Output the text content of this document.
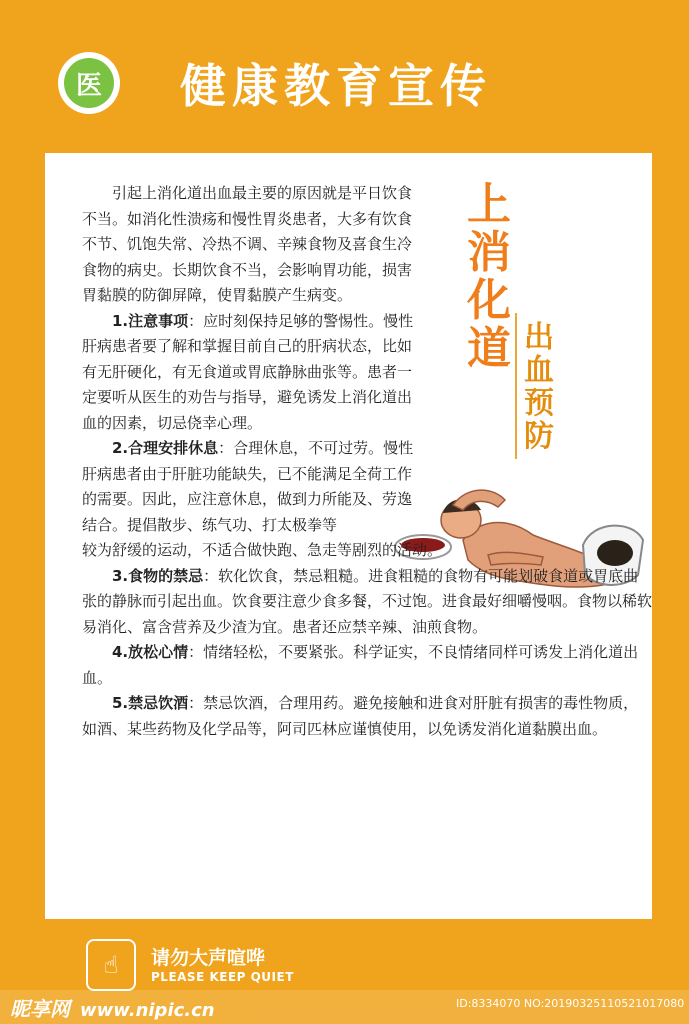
医 健康教育宣传
上
消
化
道 出
血
预
防

引起上消化道出血最主要的原因就是平日饮食不当。如消化性溃疡和慢性胃炎患者，大多有饮食不节、饥饱失常、冷热不调、辛辣食物及喜食生冷食物的病史。长期饮食不当，会影响胃功能，损害胃黏膜的防御屏障，使胃黏膜产生病变。

1.注意事项：应时刻保持足够的警惕性。慢性肝病患者要了解和掌握目前自己的肝病状态，比如有无肝硬化，有无食道或胃底静脉曲张等。患者一定要听从医生的劝告与指导，避免诱发上消化道出血的因素，切忌侥幸心理。

2.合理安排休息：合理休息，不可过劳。慢性肝病患者由于肝脏功能缺失，已不能满足全荷工作的需要。因此，应注意休息，做到力所能及、劳逸结合。提倡散步、练气功、打太极拳等

较为舒缓的运动，不适合做快跑、急走等剧烈的活动。

3.食物的禁忌：软化饮食，禁忌粗糙。进食粗糙的食物有可能划破食道或胃底曲张的静脉而引起出血。饮食要注意少食多餐，不过饱。进食最好细嚼慢咽。食物以稀软易消化、富含营养及少渣为宜。患者还应禁辛辣、油煎食物。

4.放松心情：情绪轻松，不要紧张。科学证实，不良情绪同样可诱发上消化道出血。

5.禁忌饮酒：禁忌饮酒，合理用药。避免接触和进食对肝脏有损害的毒性物质，如酒、某些药物及化学品等，阿司匹林应谨慎使用，以免诱发消化道黏膜出血。

☝	请勿大声喧哗
PLEASE KEEP QUIET
昵享网 www.nipic.cn	ID:8334070 NO:20190325110521017080
